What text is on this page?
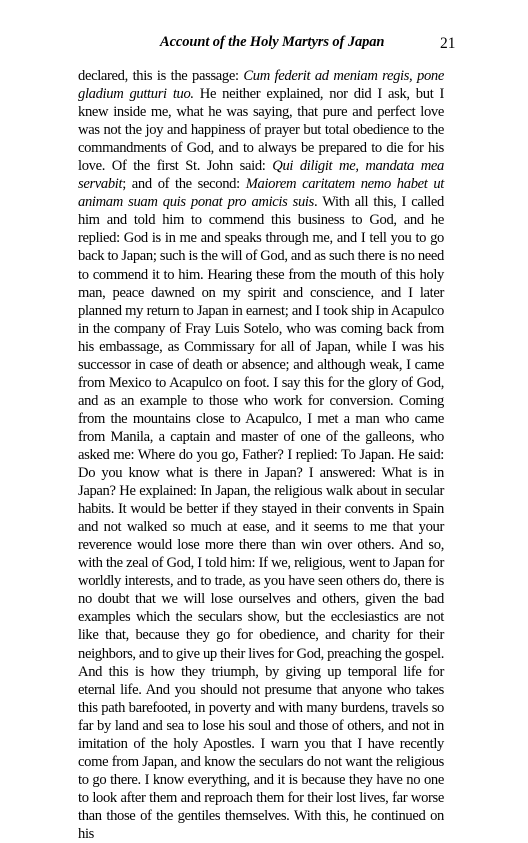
Account of the Holy Martyrs of Japan	21

declared, this is the passage: Cum federit ad meniam regis, pone gladium gutturi tuo. He neither explained, nor did I ask, but I knew inside me, what he was saying, that pure and perfect love was not the joy and happiness of prayer but total obedience to the commandments of God, and to always be prepared to die for his love. Of the first St. John said: Qui diligit me, mandata mea servabit; and of the second: Maiorem caritatem nemo habet ut animam suam quis ponat pro amicis suis. With all this, I called him and told him to commend this business to God, and he replied: God is in me and speaks through me, and I tell you to go back to Japan; such is the will of God, and as such there is no need to commend it to him. Hearing these from the mouth of this holy man, peace dawned on my spirit and conscience, and I later planned my return to Japan in earnest; and I took ship in Acapulco in the company of Fray Luis Sotelo, who was coming back from his embassage, as Commissary for all of Japan, while I was his successor in case of death or absence; and although weak, I came from Mexico to Acapulco on foot. I say this for the glory of God, and as an example to those who work for conversion. Coming from the mountains close to Acapulco, I met a man who came from Manila, a captain and master of one of the galleons, who asked me: Where do you go, Father? I replied: To Japan. He said: Do you know what is there in Japan? I answered: What is in Japan? He explained: In Japan, the religious walk about in secular habits. It would be better if they stayed in their convents in Spain and not walked so much at ease, and it seems to me that your reverence would lose more there than win over others. And so, with the zeal of God, I told him: If we, religious, went to Japan for worldly interests, and to trade, as you have seen others do, there is no doubt that we will lose ourselves and others, given the bad examples which the seculars show, but the ecclesiastics are not like that, because they go for obedience, and charity for their neighbors, and to give up their lives for God, preaching the gospel. And this is how they triumph, by giving up temporal life for eternal life. And you should not presume that anyone who takes this path barefooted, in poverty and with many burdens, travels so far by land and sea to lose his soul and those of others, and not in imitation of the holy Apostles. I warn you that I have recently come from Japan, and know the seculars do not want the religious to go there. I know everything, and it is because they have no one to look after them and reproach them for their lost lives, far worse than those of the gentiles themselves. With this, he continued on his
